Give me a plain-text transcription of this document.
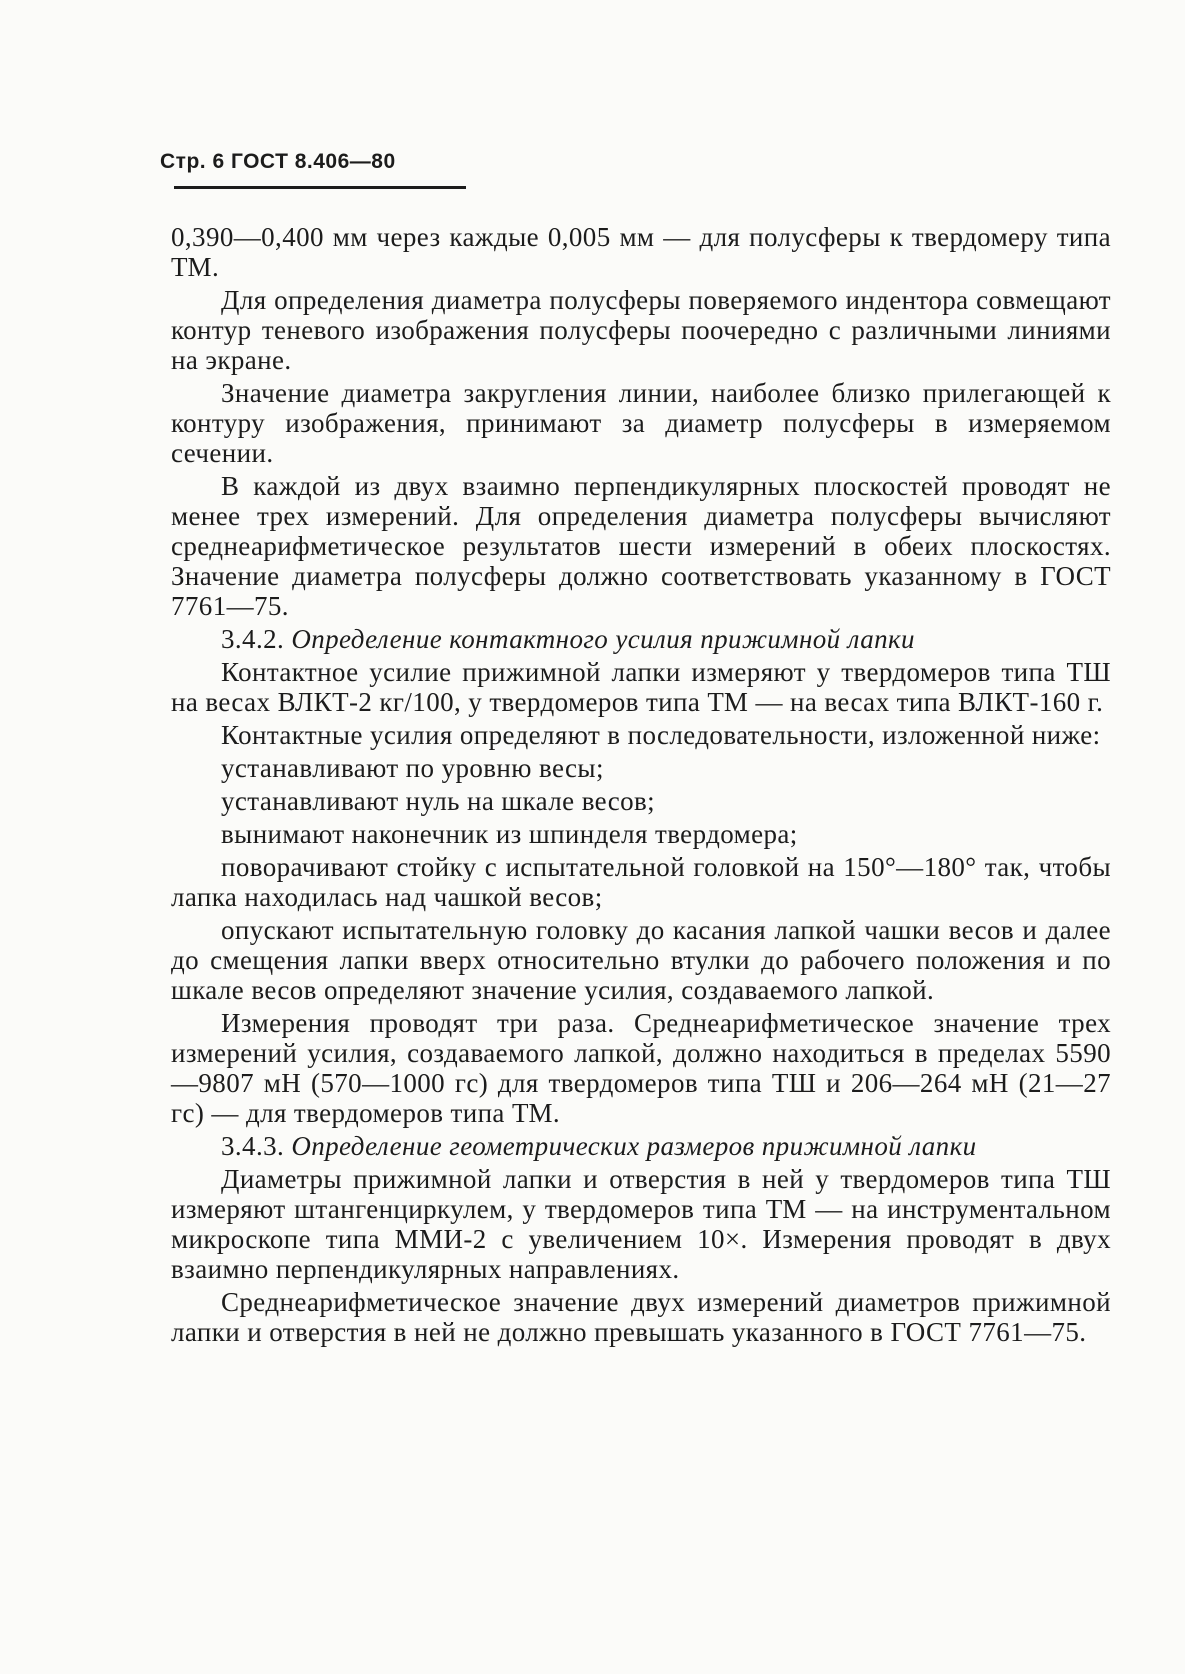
Стр. 6 ГОСТ 8.406—80

0,390—0,400 мм через каждые 0,005 мм — для полусферы к твердомеру типа ТМ.

Для определения диаметра полусферы поверяемого индентора совмещают контур теневого изображения полусферы поочередно с различными линиями на экране.

Значение диаметра закругления линии, наиболее близко прилегающей к контуру изображения, принимают за диаметр полусферы в измеряемом сечении.

В каждой из двух взаимно перпендикулярных плоскостей проводят не менее трех измерений. Для определения диаметра полусферы вычисляют среднеарифметическое результатов шести измерений в обеих плоскостях. Значение диаметра полусферы должно соответствовать указанному в ГОСТ 7761—75.

3.4.2. Определение контактного усилия прижимной лапки

Контактное усилие прижимной лапки измеряют у твердомеров типа ТШ на весах ВЛКТ-2 кг/100, у твердомеров типа ТМ — на весах типа ВЛКТ-160 г.

Контактные усилия определяют в последовательности, изложенной ниже:

устанавливают по уровню весы;

устанавливают нуль на шкале весов;

вынимают наконечник из шпинделя твердомера;

поворачивают стойку с испытательной головкой на 150°—180° так, чтобы лапка находилась над чашкой весов;

опускают испытательную головку до касания лапкой чашки весов и далее до смещения лапки вверх относительно втулки до рабочего положения и по шкале весов определяют значение усилия, создаваемого лапкой.

Измерения проводят три раза. Среднеарифметическое значение трех измерений усилия, создаваемого лапкой, должно находиться в пределах 5590—9807 мН (570—1000 гс) для твердомеров типа ТШ и 206—264 мН (21—27 гс) — для твердомеров типа ТМ.

3.4.3. Определение геометрических размеров прижимной лапки

Диаметры прижимной лапки и отверстия в ней у твердомеров типа ТШ измеряют штангенциркулем, у твердомеров типа ТМ — на инструментальном микроскопе типа ММИ-2 с увеличением 10×. Измерения проводят в двух взаимно перпендикулярных направлениях.

Среднеарифметическое значение двух измерений диаметров прижимной лапки и отверстия в ней не должно превышать указанного в ГОСТ 7761—75.
